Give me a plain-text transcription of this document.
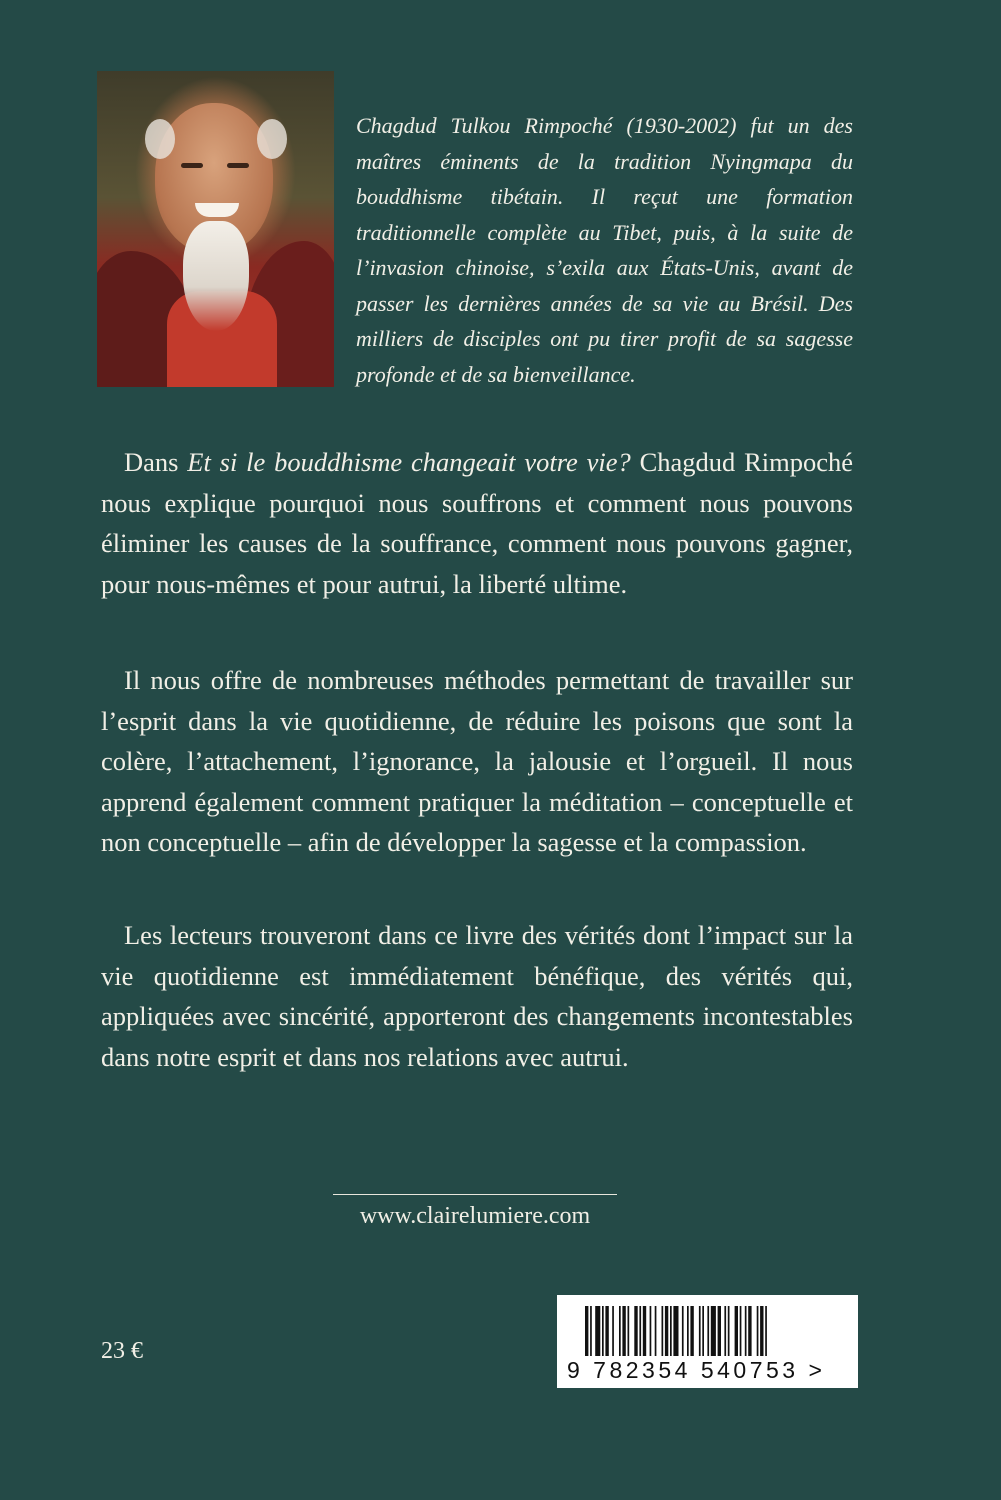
Chagdud Tulkou Rimpoché (1930-2002) fut un des maîtres éminents de la tradition Nyingmapa du bouddhisme tibétain. Il reçut une formation traditionnelle complète au Tibet, puis, à la suite de l’invasion chinoise, s’exila aux États-Unis, avant de passer les dernières années de sa vie au Brésil. Des milliers de disciples ont pu tirer profit de sa sagesse profonde et de sa bienveillance.

Dans Et si le bouddhisme changeait votre vie? Chagdud Rimpoché nous explique pourquoi nous souffrons et comment nous pouvons éliminer les causes de la souffrance, comment nous pouvons gagner, pour nous-mêmes et pour autrui, la liberté ultime.

Il nous offre de nombreuses méthodes permettant de travailler sur l’esprit dans la vie quotidienne, de réduire les poisons que sont la colère, l’attachement, l’ignorance, la jalousie et l’orgueil. Il nous apprend également comment pratiquer la méditation – conceptuelle et non conceptuelle – afin de développer la sagesse et la compassion.

Les lecteurs trouveront dans ce livre des vérités dont l’impact sur la vie quotidienne est immédiatement bénéfique, des vérités qui, appliquées avec sincérité, apporteront des changements incontestables dans notre esprit et dans nos relations avec autrui.

www.clairelumiere.com
23 €
9 782354 540753 >
